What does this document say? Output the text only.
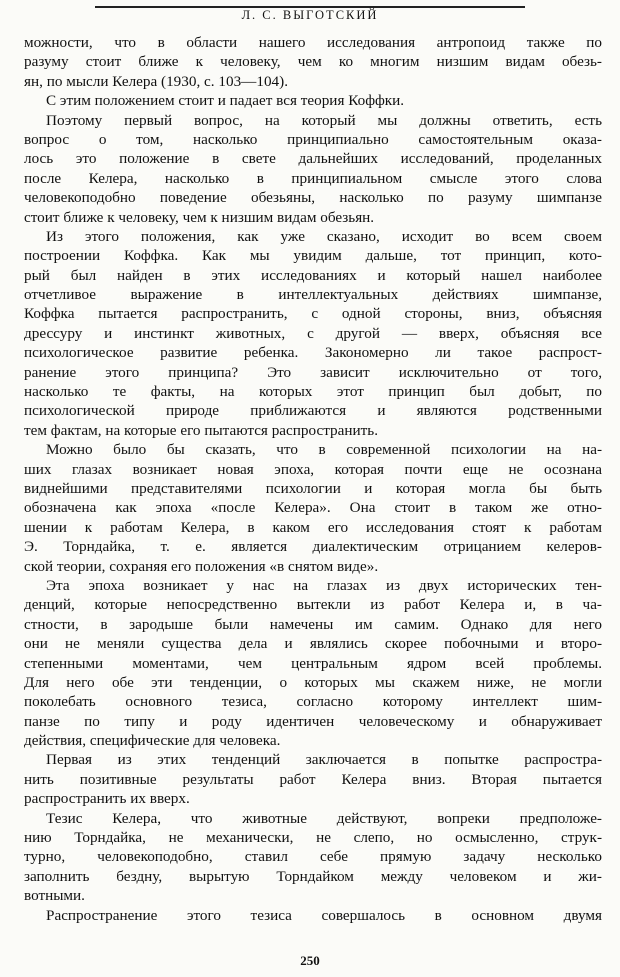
Л. С. ВЫГОТСКИЙ
можности, что в области нашего исследования антропоид также по
разуму стоит ближе к человеку, чем ко многим низшим видам обезь-
ян, по мысли Келера (1930, с. 103—104).
С этим положением стоит и падает вся теория Коффки.
Поэтому первый вопрос, на который мы должны ответить, есть
вопрос о том, насколько принципиально самостоятельным оказа-
лось это положение в свете дальнейших исследований, проделанных
после Келера, насколько в принципиальном смысле этого слова
человекоподобно поведение обезьяны, насколько по разуму шимпанзе
стоит ближе к человеку, чем к низшим видам обезьян.
Из этого положения, как уже сказано, исходит во всем своем
построении Коффка. Как мы увидим дальше, тот принцип, кото-
рый был найден в этих исследованиях и который нашел наиболее
отчетливое выражение в интеллектуальных действиях шимпанзе,
Коффка пытается распространить, с одной стороны, вниз, объясняя
дрессуру и инстинкт животных, с другой — вверх, объясняя все
психологическое развитие ребенка. Закономерно ли такое распрост-
ранение этого принципа? Это зависит исключительно от того,
насколько те факты, на которых этот принцип был добыт, по
психологической природе приближаются и являются родственными
тем фактам, на которые его пытаются распространить.
Можно было бы сказать, что в современной психологии на на-
ших глазах возникает новая эпоха, которая почти еще не осознана
виднейшими представителями психологии и которая могла бы быть
обозначена как эпоха «после Келера». Она стоит в таком же отно-
шении к работам Келера, в каком его исследования стоят к работам
Э. Торндайка, т. е. является диалектическим отрицанием келеров-
ской теории, сохраняя его положения «в снятом виде».
Эта эпоха возникает у нас на глазах из двух исторических тен-
денций, которые непосредственно вытекли из работ Келера и, в ча-
стности, в зародыше были намечены им самим. Однако для него
они не меняли существа дела и являлись скорее побочными и второ-
степенными моментами, чем центральным ядром всей проблемы.
Для него обе эти тенденции, о которых мы скажем ниже, не могли
поколебать основного тезиса, согласно которому интеллект шим-
панзе по типу и роду идентичен человеческому и обнаруживает
действия, специфические для человека.
Первая из этих тенденций заключается в попытке распростра-
нить позитивные результаты работ Келера вниз. Вторая пытается
распространить их вверх.
Тезис Келера, что животные действуют, вопреки предположе-
нию Торндайка, не механически, не слепо, но осмысленно, струк-
турно, человекоподобно, ставил себе прямую задачу несколько
заполнить бездну, вырытую Торндайком между человеком и жи-
вотными.
Распространение этого тезиса совершалось в основном двумя
250
